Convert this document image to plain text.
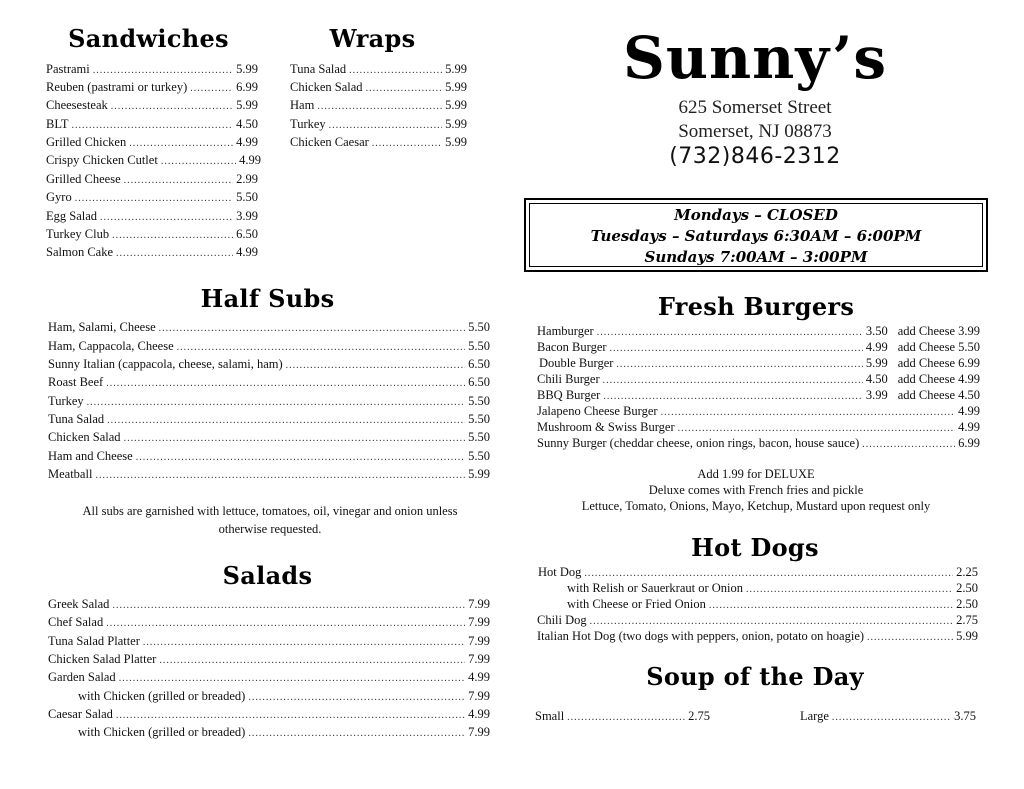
Sandwiches
Pastrami .....	5.99
Reuben (pastrami or turkey) .....	6.99
Cheesesteak .....	5.99
BLT .....	4.50
Grilled Chicken .....	4.99
Crispy Chicken Cutlet .....	4.99
Grilled Cheese .....	2.99
Gyro .....	5.50
Egg Salad .....	3.99
Turkey Club .....	6.50
Salmon Cake .....	4.99
Wraps
Tuna Salad .....	5.99
Chicken Salad .....	5.99
Ham .....	5.99
Turkey .....	5.99
Chicken Caesar .....	5.99
Half Subs
Ham, Salami, Cheese .....	5.50
Ham, Cappacola, Cheese .....	5.50
Sunny Italian (cappacola, cheese, salami, ham) .....	6.50
Roast Beef .....	6.50
Turkey .....	5.50
Tuna Salad .....	5.50
Chicken Salad .....	5.50
Ham and Cheese .....	5.50
Meatball .....	5.99
All subs are garnished with lettuce, tomatoes, oil, vinegar and onion unless
otherwise requested.
Salads
Greek Salad .....	7.99
Chef Salad .....	7.99
Tuna Salad Platter .....	7.99
Chicken Salad Platter .....	7.99
Garden Salad .....	4.99
with Chicken (grilled or breaded) .....	7.99
Caesar Salad .....	4.99
with Chicken (grilled or breaded) .....	7.99
Sunny’s
625 Somerset Street
Somerset, NJ 08873
(732)846-2312
Mondays – CLOSED
Tuesdays – Saturdays 6:30AM – 6:00PM
Sundays 7:00AM – 3:00PM
Fresh Burgers
Hamburger .....	3.50 add Cheese 3.99
Bacon Burger .....	4.99 add Cheese 5.50
Double Burger .....	5.99 add Cheese 6.99
Chili Burger .....	4.50 add Cheese 4.99
BBQ Burger .....	3.99 add Cheese 4.50
Jalapeno Cheese Burger .....	4.99
Mushroom & Swiss Burger .....	4.99
Sunny Burger (cheddar cheese, onion rings, bacon, house sauce) .....	6.99
Add 1.99 for DELUXE
Deluxe comes with French fries and pickle
Lettuce, Tomato, Onions, Mayo, Ketchup, Mustard upon request only
Hot Dogs
Hot Dog .....	2.25
with Relish or Sauerkraut or Onion .....	2.50
with Cheese or Fried Onion .....	2.50
Chili Dog .....	2.75
Italian Hot Dog (two dogs with peppers, onion, potato on hoagie) .....	5.99
Soup of the Day
Small .....	2.75	Large .....	3.75
